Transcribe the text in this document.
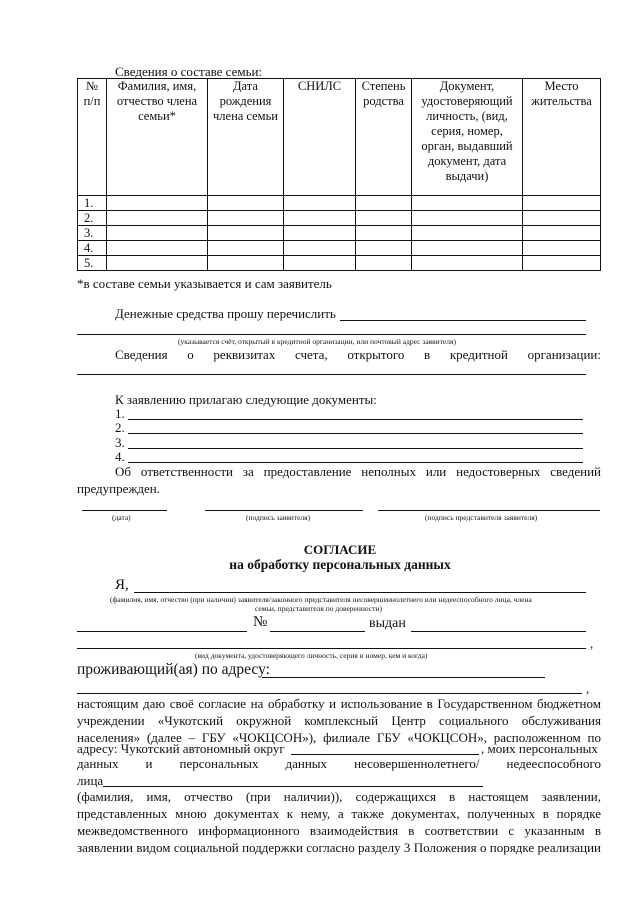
Сведения о составе семьи:
№ п/п	Фамилия, имя, отчество члена семьи*	Дата рождения члена семьи	СНИЛС	Степень родства	Документ, удостоверяющий личность, (вид, серия, номер, орган, выдавший документ, дата выдачи)	Место жительства
1.						
2.						
3.						
4.						
5.						
*в составе семьи указывается и сам заявитель
Денежные средства прошу перечислить
(указывается счёт, открытый в кредитной организации, или почтовый адрес заявителя)
Сведения о реквизитах счета, открытого в кредитной организации:
К заявлению прилагаю следующие документы:
1.
2.
3.
4.
Об ответственности за предоставление неполных или недостоверных сведений
предупрежден.
(дата)	(подпись заявителя)	(подпись представителя заявителя)
СОГЛАСИЕ
на обработку персональных данных
Я,
(фамилия, имя, отчество (при наличии) заявителя/законного представителя несовершеннолетнего или недееспособного лица, члена
семьи, представителя по доверенности)
№	выдан
,
(вид документа, удостоверяющего личность, серия и номер, кем и когда)
проживающий(ая) по адресу:
,
настоящим даю своё согласие на обработку и использование в Государственном бюджетном
учреждении «Чукотский окружной комплексный Центр социального обслуживания
населения» (далее – ГБУ «ЧОКЦСОН»), филиале ГБУ «ЧОКЦСОН», расположенном по
адресу: Чукотский автономный округ	, моих персональных
данных и персональных данных несовершеннолетнего/ недееспособного
лица
(фамилия, имя, отчество (при наличии)), содержащихся в настоящем заявлении,
представленных мною документах к нему, а также документах, полученных в порядке
межведомственного информационного взаимодействия в соответствии с указанным в
заявлении видом социальной поддержки согласно разделу 3 Положения о порядке реализации
